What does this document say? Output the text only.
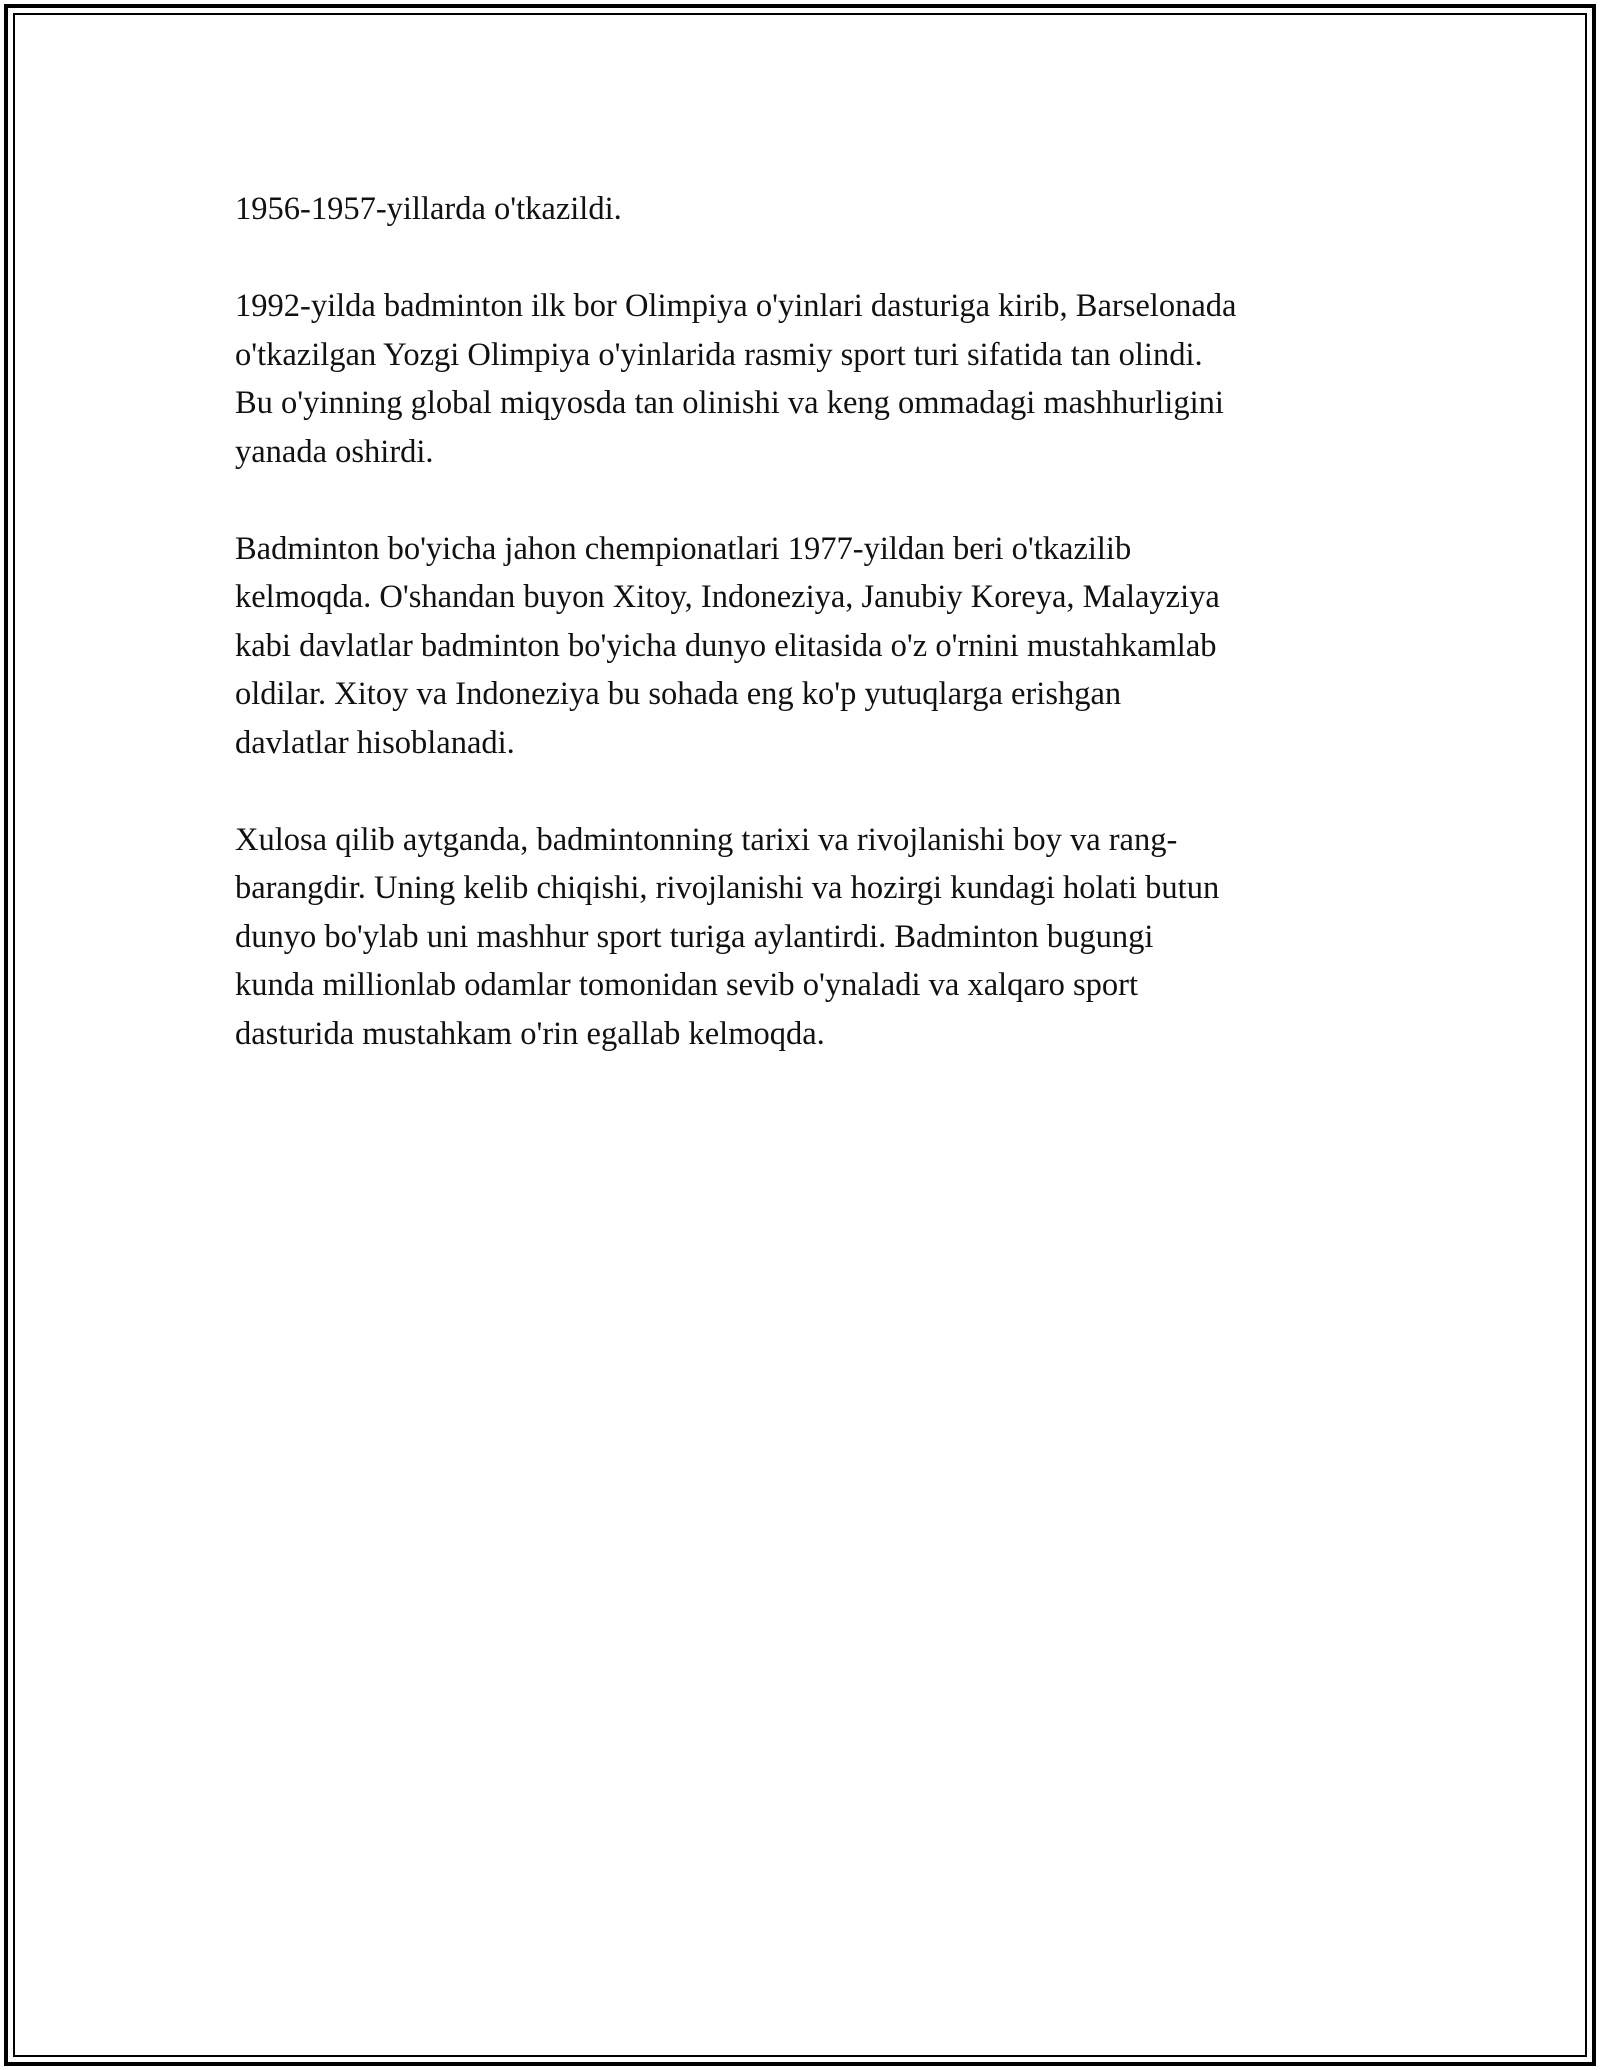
1956-1957-yillarda o'tkazildi.

1992-yilda badminton ilk bor Olimpiya o'yinlari dasturiga kirib, Barselonada
o'tkazilgan Yozgi Olimpiya o'yinlarida rasmiy sport turi sifatida tan olindi.
Bu o'yinning global miqyosda tan olinishi va keng ommadagi mashhurligini
yanada oshirdi.

Badminton bo'yicha jahon chempionatlari 1977-yildan beri o'tkazilib
kelmoqda. O'shandan buyon Xitoy, Indoneziya, Janubiy Koreya, Malayziya
kabi davlatlar badminton bo'yicha dunyo elitasida o'z o'rnini mustahkamlab
oldilar. Xitoy va Indoneziya bu sohada eng ko'p yutuqlarga erishgan
davlatlar hisoblanadi.

Xulosa qilib aytganda, badmintonning tarixi va rivojlanishi boy va rang-
barangdir. Uning kelib chiqishi, rivojlanishi va hozirgi kundagi holati butun
dunyo bo'ylab uni mashhur sport turiga aylantirdi. Badminton bugungi
kunda millionlab odamlar tomonidan sevib o'ynaladi va xalqaro sport
dasturida mustahkam o'rin egallab kelmoqda.
